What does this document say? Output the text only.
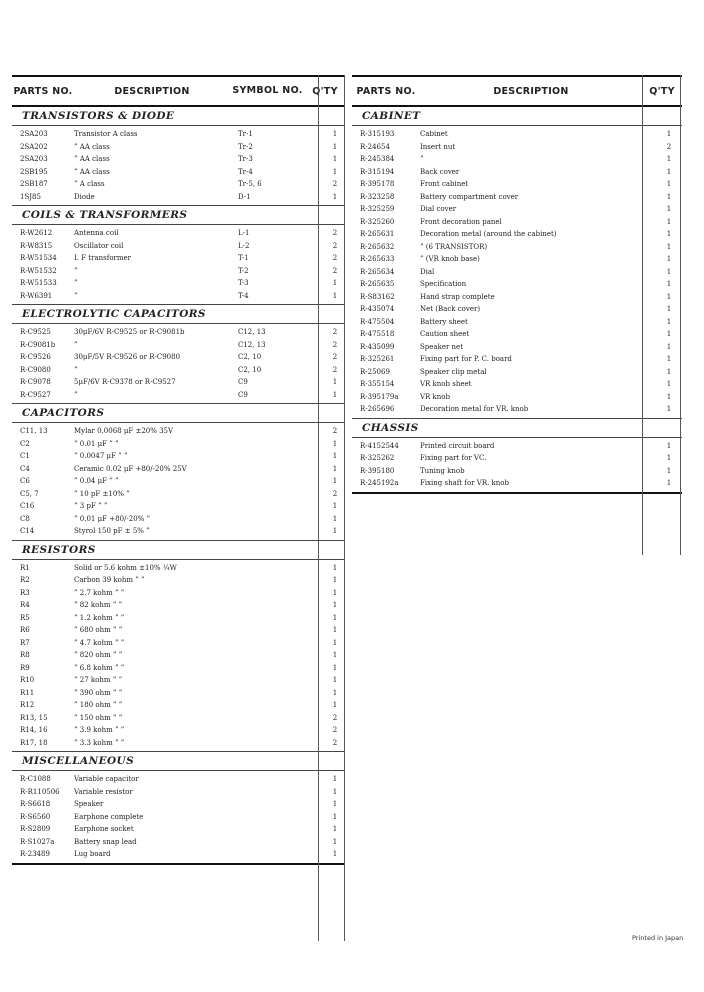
PARTS NO.	DESCRIPTION	SYMBOL NO.	Q'TY
TRANSISTORS & DIODE
2SA203	Transistor A class	Tr-1	1
2SA202	” AA class	Tr-2	1
2SA203	” AA class	Tr-3	1
2SB195	” AA class	Tr-4	1
2SB187	” A class	Tr-5, 6	2
1SJ85	Diode	D-1	1
COILS & TRANSFORMERS
R-W2612	Antenna coil	L-1	2
R-W8315	Oscillator coil	L-2	2
R-W51534	I. F transformer	T-1	2
R-W51532	”	T-2	2
R-W51533	”	T-3	1
R-W6391	”	T-4	1
ELECTROLYTIC CAPACITORS
R-C9525	30μF/6V R-C9525 or R-C9081b	C12, 13	2
R-C9081b	”	C12, 13	2
R-C9526	30μF/5V R-C9526 or R-C9080	C2, 10	2
R-C9080	”	C2, 10	2
R-C9078	5μF/6V R-C9378 or R-C9527	C9	1
R-C9527	”	C9	1
CAPACITORS
C11, 13	Mylar 0.0068 μF ±20% 35V	2
C2	” 0.01 μF ” ”	1
C1	” 0.0047 μF ” ”	1
C4	Ceramic 0.02 μF +80/-20% 25V	1
C6	” 0.04 μF ” ”	1
C5, 7	” 10 pF ±10% ”	2
C16	” 3 pF ” ”	1
C8	” 0.01 μF +80/-20% ”	1
C14	Styrol 150 pF ± 5% ”	1
RESISTORS
R1	Solid or 5.6 kohm ±10% ¼W	1
R2	Carbon 39 kohm ” ”	1
R3	” 2.7 kohm ” ”	1
R4	” 82 kohm ” ”	1
R5	” 1.2 kohm ” ”	1
R6	” 680 ohm ” ”	1
R7	” 4.7 kohm ” ”	1
R8	” 820 ohm ” ”	1
R9	” 6.8 kohm ” ”	1
R10	” 27 kohm ” ”	1
R11	” 390 ohm ” ”	1
R12	” 180 ohm ” ”	1
R13, 15	” 150 ohm ” ”	2
R14, 16	” 3.9 kohm ” ”	2
R17, 18	” 3.3 kohm ” ”	2
MISCELLANEOUS
R-C1088	Variable capacitor	1
R-R110506	Variable resistor	1
R-S6618	Speaker	1
R-S6560	Earphone complete	1
R-S2809	Earphone socket	1
R-S1027a	Battery snap lead	1
R-23489	Lug board	1
PARTS NO.	DESCRIPTION	Q'TY
CABINET
R-315193	Cabinet	1
R-24654	Insert nut	2
R-245384	”	1
R-315194	Back cover	1
R-395178	Front cabinet	1
R-323258	Battery compartment cover	1
R-325259	Dial cover	1
R-325260	Front decoration panel	1
R-265631	Decoration metal (around the cabinet)	1
R-265632	” (6 TRANSISTOR)	1
R-265633	” (VR knob base)	1
R-265634	Dial	1
R-265635	Specification	1
R-S83162	Hand strap complete	1
R-435074	Net (Back cover)	1
R-475504	Battery sheet	1
R-475518	Caution sheet	1
R-435099	Speaker net	1
R-325261	Fixing part for P. C. board	1
R-25069	Speaker clip metal	1
R-355154	VR knob sheet	1
R-395179a	VR knob	1
R-265696	Decoration metal for VR. knob	1
CHASSIS
R-4152544	Printed circuit board	1
R-325262	Fixing part for VC.	1
R-395180	Tuning knob	1
R-245192a	Fixing shaft for VR. knob	1
Printed in Japan
